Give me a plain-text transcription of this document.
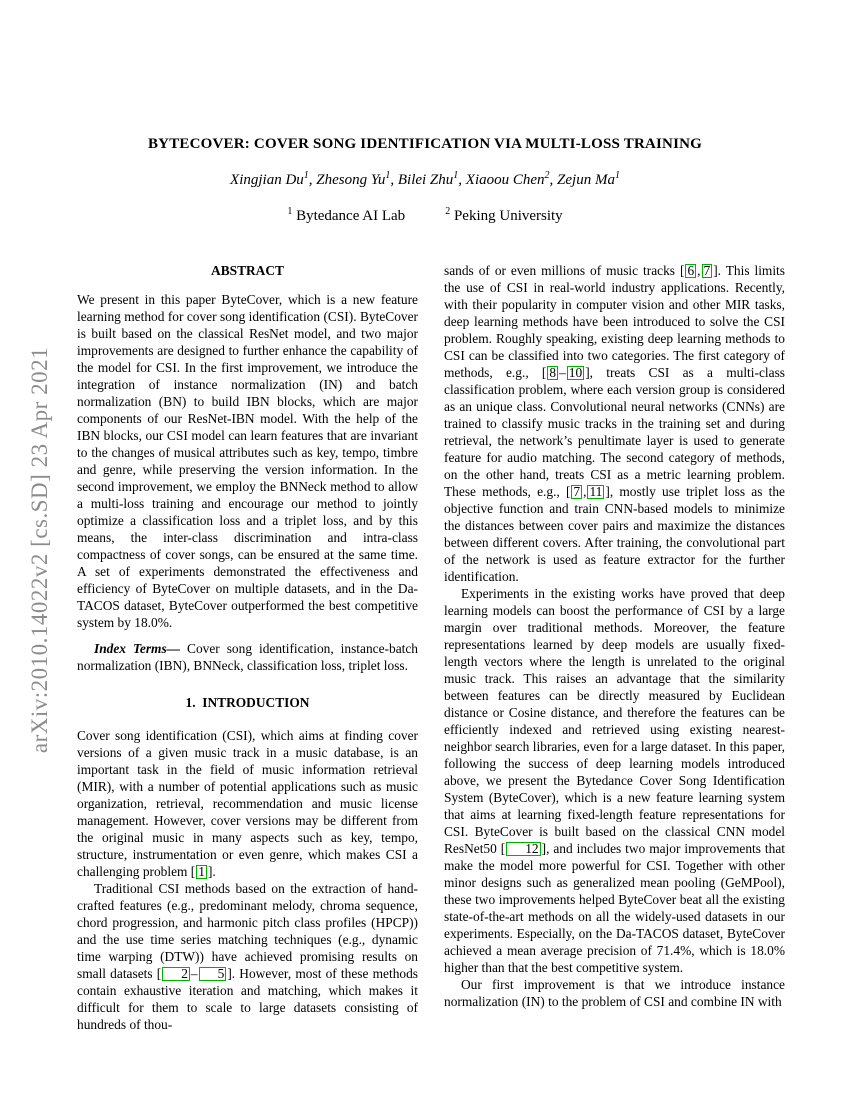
arXiv:2010.14022v2 [cs.SD] 23 Apr 2021
BYTECOVER: COVER SONG IDENTIFICATION VIA MULTI-LOSS TRAINING
Xingjian Du$^1$, Zhesong Yu$^1$, Bilei Zhu$^1$, Xiaoou Chen$^2$, Zejun Ma$^1$
$^1$ Bytedance AI Lab	$^2$ Peking University
ABSTRACT

We present in this paper ByteCover, which is a new feature learning method for cover song identification (CSI). ByteCover is built based on the classical ResNet model, and two major improvements are designed to further enhance the capability of the model for CSI. In the first improvement, we introduce the integration of instance normalization (IN) and batch normalization (BN) to build IBN blocks, which are major components of our ResNet-IBN model. With the help of the IBN blocks, our CSI model can learn features that are invariant to the changes of musical attributes such as key, tempo, timbre and genre, while preserving the version information. In the second improvement, we employ the BNNeck method to allow a multi-loss training and encourage our method to jointly optimize a classification loss and a triplet loss, and by this means, the inter-class discrimination and intra-class compactness of cover songs, can be ensured at the same time. A set of experiments demonstrated the effectiveness and efficiency of ByteCover on multiple datasets, and in the Da-TACOS dataset, ByteCover outperformed the best competitive system by 18.0%.

Index Terms— Cover song identification, instance-batch normalization (IBN), BNNeck, classification loss, triplet loss.

1.  INTRODUCTION

Cover song identification (CSI), which aims at finding cover versions of a given music track in a music database, is an important task in the field of music information retrieval (MIR), with a number of potential applications such as music organization, retrieval, recommendation and music license management. However, cover versions may be different from the original music in many aspects such as key, tempo, structure, instrumentation or even genre, which makes CSI a challenging problem [ 1 ].

Traditional CSI methods based on the extraction of hand-crafted features (e.g., predominant melody, chroma sequence, chord progression, and harmonic pitch class profiles (HPCP)) and the use time series matching techniques (e.g., dynamic time warping (DTW)) have achieved promising results on small datasets [ 2 – 5 ]. However, most of these methods contain exhaustive iteration and matching, which makes it difficult for them to scale to large datasets consisting of hundreds of thou-

sands of or even millions of music tracks [ 6 , 7 ]. This limits the use of CSI in real-world industry applications. Recently, with their popularity in computer vision and other MIR tasks, deep learning methods have been introduced to solve the CSI problem. Roughly speaking, existing deep learning methods to CSI can be classified into two categories. The first category of methods, e.g., [ 8 – 10 ], treats CSI as a multi-class classification problem, where each version group is considered as an unique class. Convolutional neural networks (CNNs) are trained to classify music tracks in the training set and during retrieval, the network’s penultimate layer is used to generate feature for audio matching. The second category of methods, on the other hand, treats CSI as a metric learning problem. These methods, e.g., [ 7 , 11 ], mostly use triplet loss as the objective function and train CNN-based models to minimize the distances between cover pairs and maximize the distances between different covers. After training, the convolutional part of the network is used as feature extractor for the further identification.

Experiments in the existing works have proved that deep learning models can boost the performance of CSI by a large margin over traditional methods. Moreover, the feature representations learned by deep models are usually fixed-length vectors where the length is unrelated to the original music track. This raises an advantage that the similarity between features can be directly measured by Euclidean distance or Cosine distance, and therefore the features can be efficiently indexed and retrieved using existing nearest-neighbor search libraries, even for a large dataset. In this paper, following the success of deep learning models introduced above, we present the Bytedance Cover Song Identification System (ByteCover), which is a new feature learning system that aims at learning fixed-length feature representations for CSI. ByteCover is built based on the classical CNN model ResNet50 [ 12 ], and includes two major improvements that make the model more powerful for CSI. Together with other minor designs such as generalized mean pooling (GeMPool), these two improvements helped ByteCover beat all the existing state-of-the-art methods on all the widely-used datasets in our experiments. Especially, on the Da-TACOS dataset, ByteCover achieved a mean average precision of 71.4%, which is 18.0% higher than that the best competitive system.

Our first improvement is that we introduce instance normalization (IN) to the problem of CSI and combine IN with
